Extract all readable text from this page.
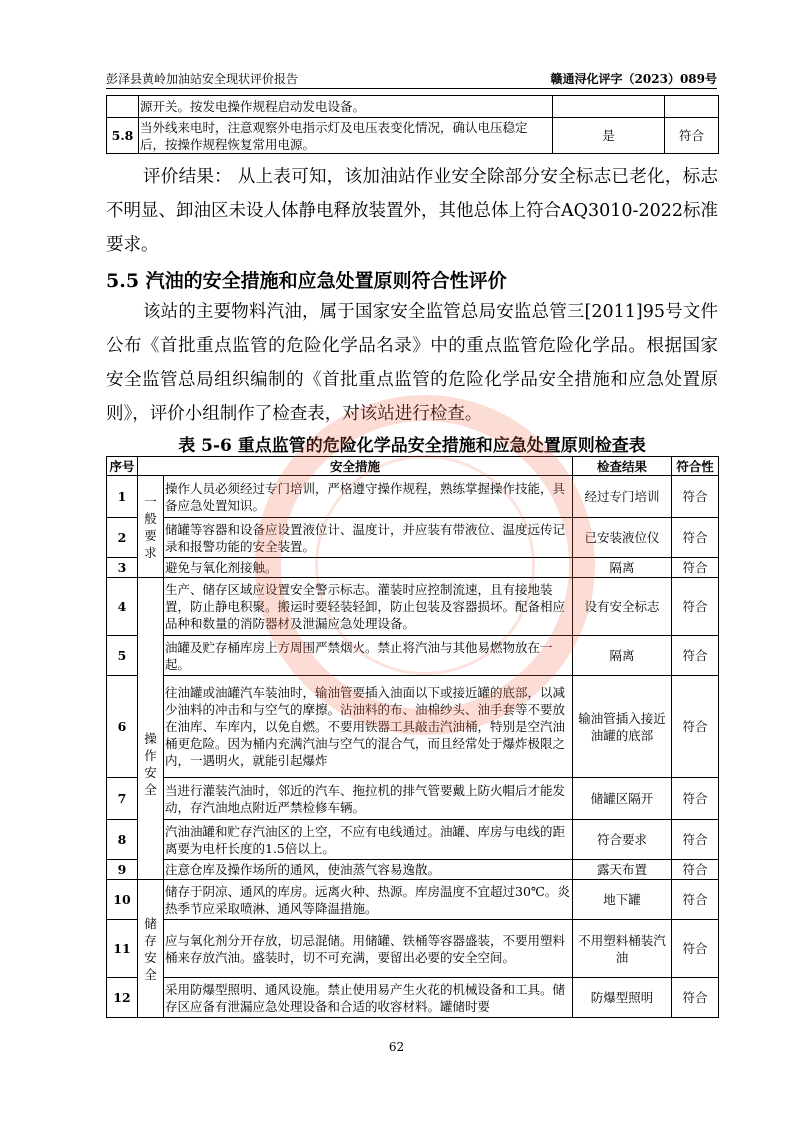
彭泽县黄岭加油站安全现状评价报告	赣通浔化评字（2023）089号
	源开关。按发电操作规程启动发电设备。		
5.8	当外线来电时，注意观察外电指示灯及电压表变化情况，确认电压稳定后，按操作规程恢复常用电源。	是	符合

评价结果： 从上表可知，该加油站作业安全除部分安全标志已老化，标志不明显、卸油区未设人体静电释放装置外，其他总体上符合AQ3010-2022标准要求。

5.5 汽油的安全措施和应急处置原则符合性评价

该站的主要物料汽油，属于国家安全监管总局安监总管三[2011]95号文件公布《首批重点监管的危险化学品名录》中的重点监管危险化学品。根据国家安全监管总局组织编制的《首批重点监管的危险化学品安全措施和应急处置原则》，评价小组制作了检查表，对该站进行检查。

表 5-6 重点监管的危险化学品安全措施和应急处置原则检查表
序号	安全措施		检查结果	符合性
1	一般要求	操作人员必须经过专门培训，严格遵守操作规程，熟练掌握操作技能，具备应急处置知识。	经过专门培训	符合
2		储罐等容器和设备应设置液位计、温度计，并应装有带液位、温度远传记录和报警功能的安全装置。	已安装液位仪	符合
3		避免与氧化剂接触。	隔离	符合
4	操作安全	生产、储存区域应设置安全警示标志。灌装时应控制流速，且有接地装置，防止静电积聚。搬运时要轻装轻卸，防止包装及容器损坏。配备相应品种和数量的消防器材及泄漏应急处理设备。	设有安全标志	符合
5		油罐及贮存桶库房上方周围严禁烟火。禁止将汽油与其他易燃物放在一起。	隔离	符合
6		往油罐或油罐汽车装油时，输油管要插入油面以下或接近罐的底部，以减少油料的冲击和与空气的摩擦。沾油料的布、油棉纱头、油手套等不要放在油库、车库内，以免自燃。不要用铁器工具敲击汽油桶，特别是空汽油桶更危险。因为桶内充满汽油与空气的混合气，而且经常处于爆炸极限之内，一遇明火，就能引起爆炸	输油管插入接近油罐的底部	符合
7		当进行灌装汽油时，邻近的汽车、拖拉机的排气管要戴上防火帽后才能发动，存汽油地点附近严禁检修车辆。	储罐区隔开	符合
8		汽油油罐和贮存汽油区的上空，不应有电线通过。油罐、库房与电线的距离要为电杆长度的1.5倍以上。	符合要求	符合
9		注意仓库及操作场所的通风，使油蒸气容易逸散。	露天布置	符合
10	储存安全	储存于阴凉、通风的库房。远离火种、热源。库房温度不宜超过30℃。炎热季节应采取喷淋、通风等降温措施。	地下罐	符合
11		应与氧化剂分开存放，切忌混储。用储罐、铁桶等容器盛装，不要用塑料桶来存放汽油。盛装时，切不可充满，要留出必要的安全空间。	不用塑料桶装汽油	符合
12		采用防爆型照明、通风设施。禁止使用易产生火花的机械设备和工具。储存区应备有泄漏应急处理设备和合适的收容材料。罐储时要	防爆型照明	符合
62
